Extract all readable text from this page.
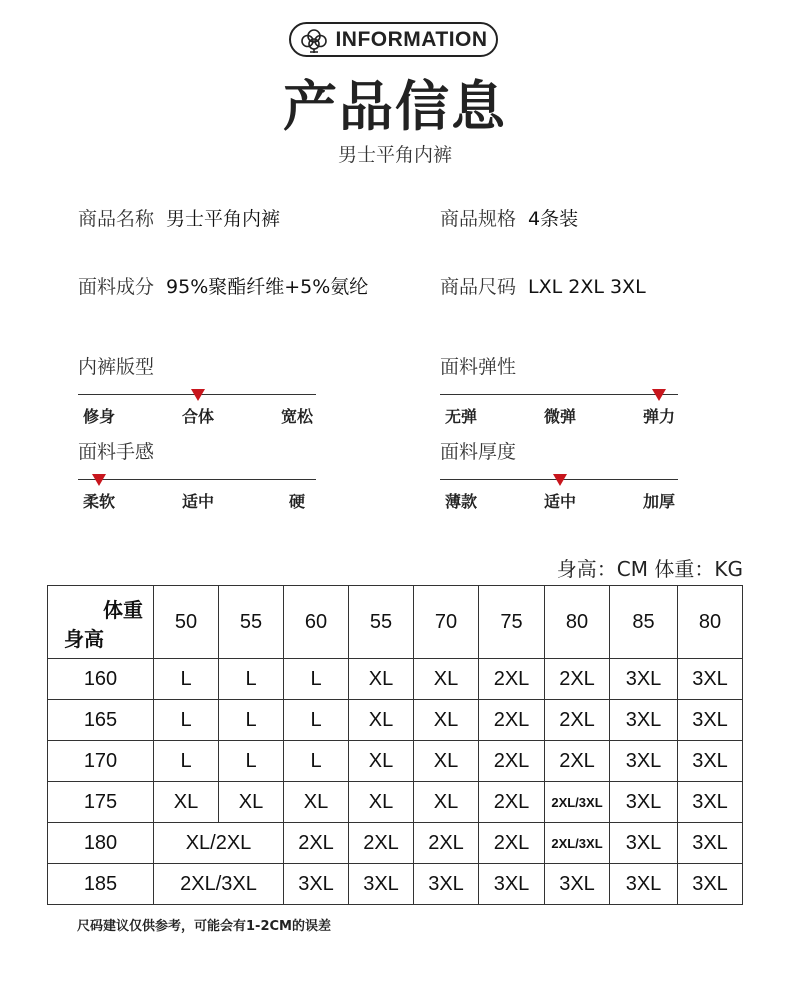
INFORMATION
产品信息
男士平角内裤
商品名称 男士平角内裤	商品规格 4条装
面料成分 95%聚酯纤维+5%氨纶	商品尺码 LXL 2XL 3XL
内裤版型
修身	合体	宽松
面料弹性
无弹	微弹	弹力
面料手感
柔软	适中	硬
面料厚度
薄款	适中	加厚
身高：CM 体重：KG
体重
身高	50	55	60	55	70	75	80	85	80
160	L	L	L	XL	XL	2XL	2XL	3XL	3XL
165	L	L	L	XL	XL	2XL	2XL	3XL	3XL
170	L	L	L	XL	XL	2XL	2XL	3XL	3XL
175	XL	XL	XL	XL	XL	2XL	2XL/3XL	3XL	3XL
180	XL/2XL		2XL	2XL	2XL	2XL	2XL/3XL	3XL	3XL
185	2XL/3XL		3XL	3XL	3XL	3XL	3XL	3XL	3XL
尺码建议仅供参考，可能会有1-2CM的误差
